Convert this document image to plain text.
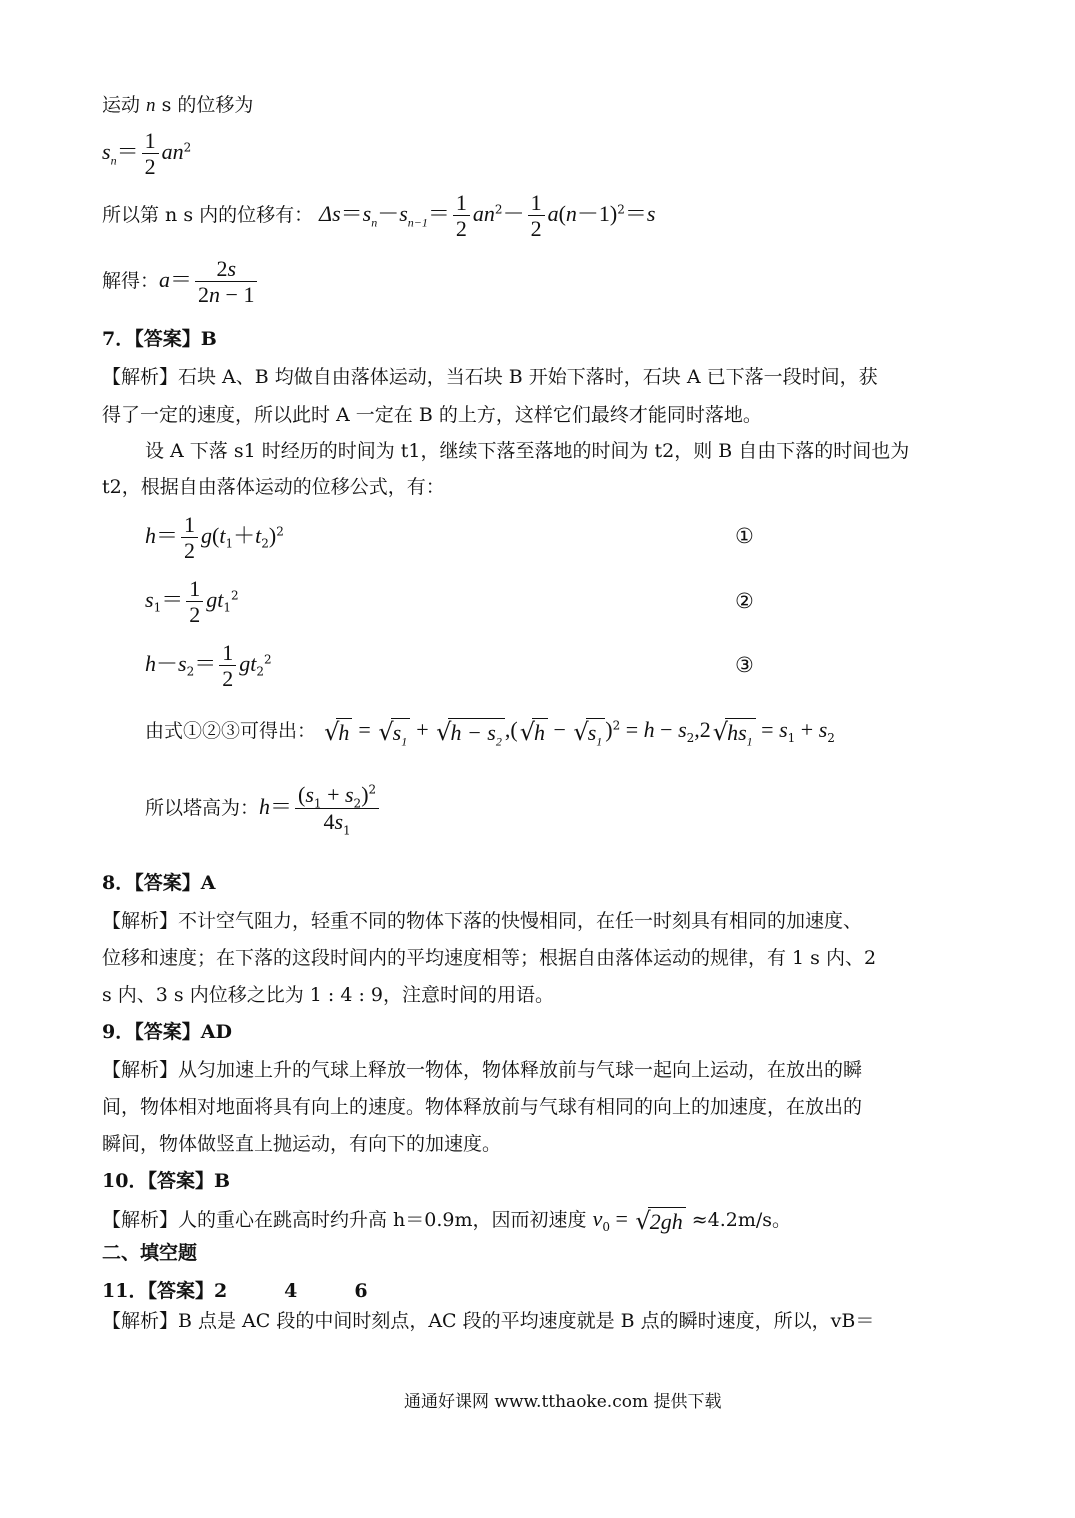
运动 n s 的位移为
$s_n= \frac{1}{2} an^2$
所以第 n s 内的位移有： $\Delta s=s_n-s_{n-1}= \frac{1}{2} an^2- \frac{1}{2} a(n-1)^2=s$
解得：$a= \frac{2s}{2n - 1}$
7．【答案】B
【解析】石块 A、B 均做自由落体运动，当石块 B 开始下落时，石块 A 已下落一段时间，获
得了一定的速度，所以此时 A 一定在 B 的上方，这样它们最终才能同时落地。
设 A 下落 s1 时经历的时间为 t1，继续下落至落地的时间为 t2，则 B 自由下落的时间也为
t2，根据自由落体运动的位移公式，有：
$h= \frac{1}{2} g(t_1+t_2)^2$	①
$s_1= \frac{1}{2} gt_1^2$	②
$h-s_2= \frac{1}{2} gt_2^2$	③
由式①②③可得出： $√h = √s_1 + √h - s_2$ $,(√h - √s_1$ )$^2 = h - s_2,2√hs_1 = s_1 + s_2$
所以塔高为：$h= \frac{(s_1 + s_2)^2}{4s_1}$
8．【答案】A
【解析】不计空气阻力，轻重不同的物体下落的快慢相同，在任一时刻具有相同的加速度、
位移和速度；在下落的这段时间内的平均速度相等；根据自由落体运动的规律，有 1 s 内、2
s 内、3 s 内位移之比为 1 : 4 : 9，注意时间的用语。
9．【答案】AD
【解析】从匀加速上升的气球上释放一物体，物体释放前与气球一起向上运动，在放出的瞬
间，物体相对地面将具有向上的速度。物体释放前与气球有相同的向上的加速度，在放出的
瞬间，物体做竖直上抛运动，有向下的加速度。
10．【答案】B
【解析】人的重心在跳高时约升高 h＝0.9m，因而初速度 $v_0 = √2gh \approx 4.2m/s$。
二、填空题
11．【答案】2　　　4　　　6
【解析】B 点是 AC 段的中间时刻点，AC 段的平均速度就是 B 点的瞬时速度，所以，vB＝
通通好课网 www.tthaoke.com 提供下载
